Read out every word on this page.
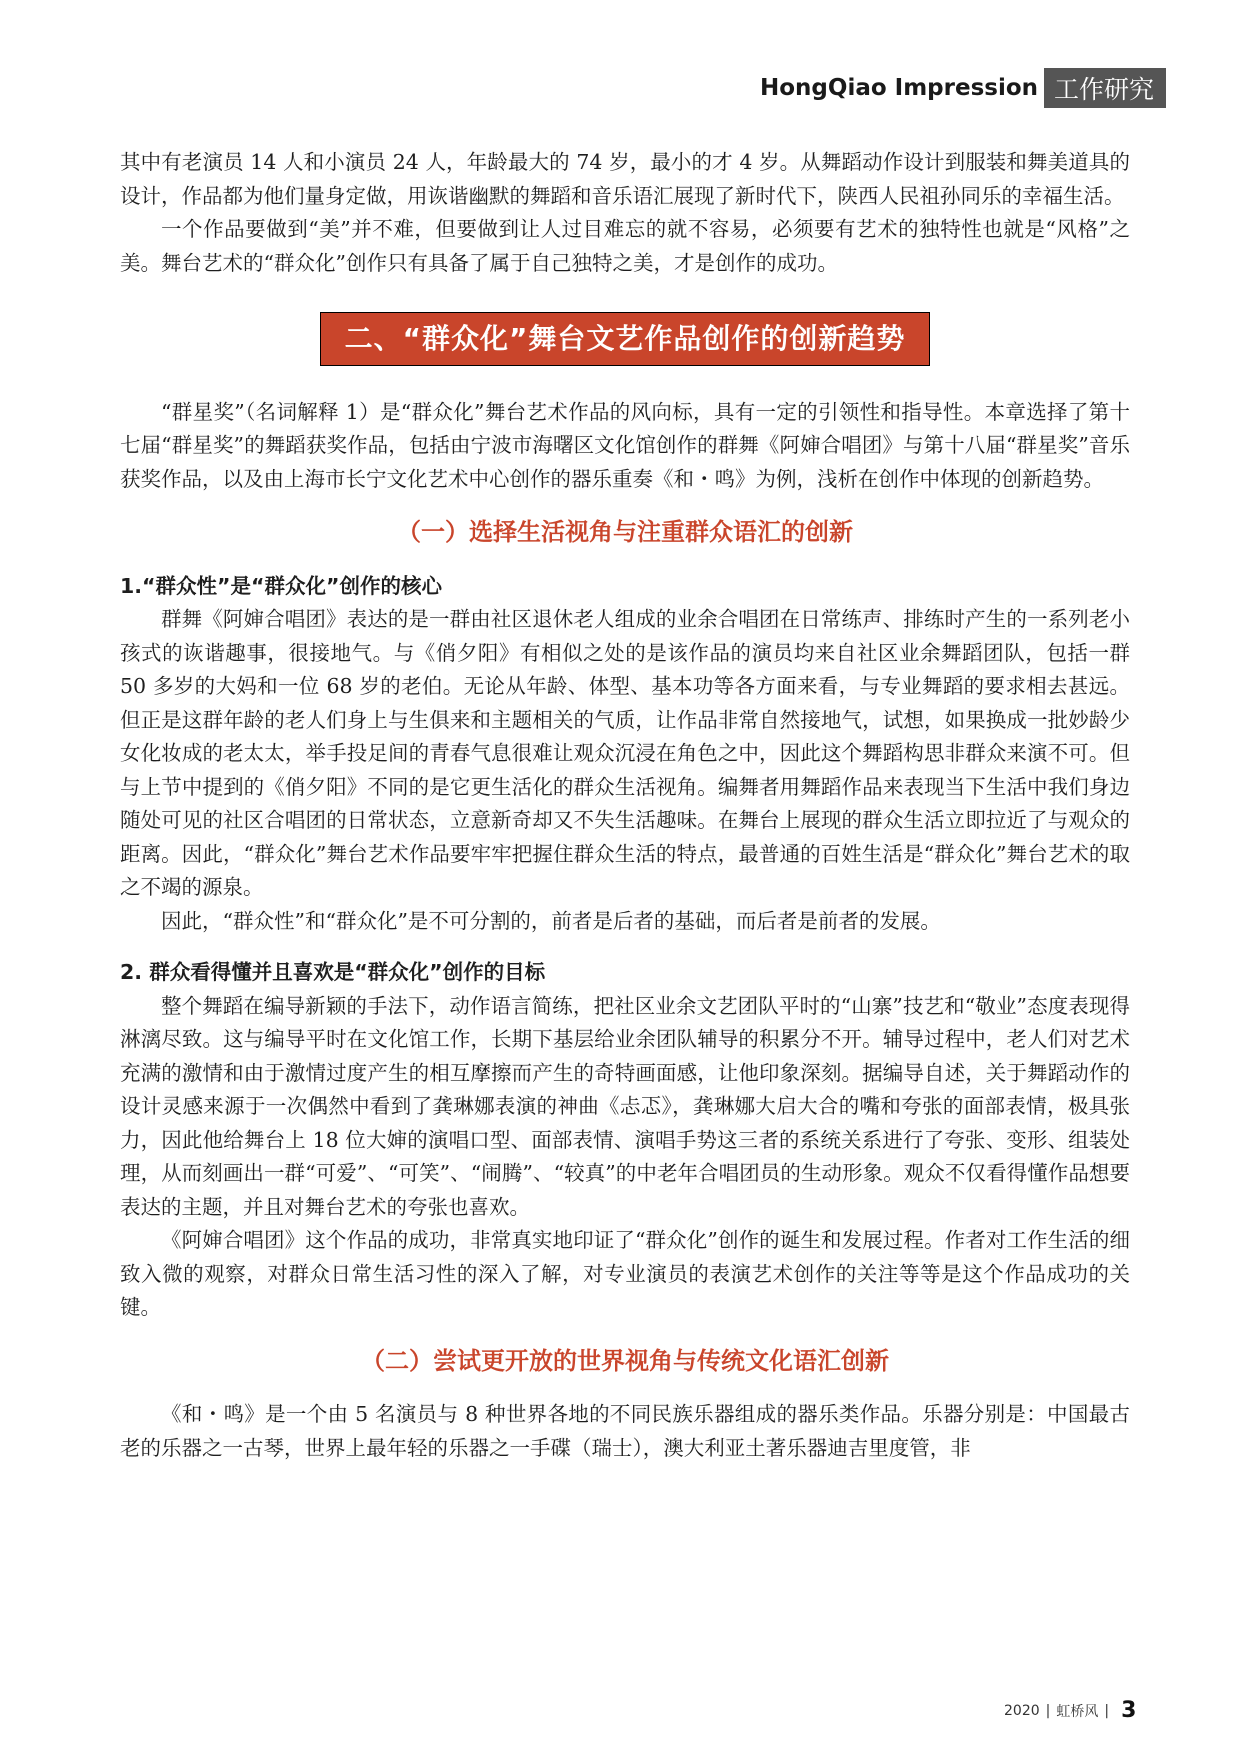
HongQiao Impression 工作研究

其中有老演员 14 人和小演员 24 人，年龄最大的 74 岁，最小的才 4 岁。从舞蹈动作设计到服装和舞美道具的设计，作品都为他们量身定做，用诙谐幽默的舞蹈和音乐语汇展现了新时代下，陕西人民祖孙同乐的幸福生活。

一个作品要做到“美”并不难，但要做到让人过目难忘的就不容易，必须要有艺术的独特性也就是“风格”之美。舞台艺术的“群众化”创作只有具备了属于自己独特之美，才是创作的成功。

二、“群众化”舞台文艺作品创作的创新趋势

“群星奖”（名词解释 1）是“群众化”舞台艺术作品的风向标，具有一定的引领性和指导性。本章选择了第十七届“群星奖”的舞蹈获奖作品，包括由宁波市海曙区文化馆创作的群舞《阿婶合唱团》与第十八届“群星奖”音乐获奖作品，以及由上海市长宁文化艺术中心创作的器乐重奏《和・鸣》为例，浅析在创作中体现的创新趋势。

（一）选择生活视角与注重群众语汇的创新

1.“群众性”是“群众化”创作的核心

群舞《阿婶合唱团》表达的是一群由社区退休老人组成的业余合唱团在日常练声、排练时产生的一系列老小孩式的诙谐趣事，很接地气。与《俏夕阳》有相似之处的是该作品的演员均来自社区业余舞蹈团队，包括一群 50 多岁的大妈和一位 68 岁的老伯。无论从年龄、体型、基本功等各方面来看，与专业舞蹈的要求相去甚远。但正是这群年龄的老人们身上与生俱来和主题相关的气质，让作品非常自然接地气，试想，如果换成一批妙龄少女化妆成的老太太，举手投足间的青春气息很难让观众沉浸在角色之中，因此这个舞蹈构思非群众来演不可。但与上节中提到的《俏夕阳》不同的是它更生活化的群众生活视角。编舞者用舞蹈作品来表现当下生活中我们身边随处可见的社区合唱团的日常状态，立意新奇却又不失生活趣味。在舞台上展现的群众生活立即拉近了与观众的距离。因此，“群众化”舞台艺术作品要牢牢把握住群众生活的特点，最普通的百姓生活是“群众化”舞台艺术的取之不竭的源泉。

因此，“群众性”和“群众化”是不可分割的，前者是后者的基础，而后者是前者的发展。

2. 群众看得懂并且喜欢是“群众化”创作的目标

整个舞蹈在编导新颖的手法下，动作语言简练，把社区业余文艺团队平时的“山寨”技艺和“敬业”态度表现得淋漓尽致。这与编导平时在文化馆工作，长期下基层给业余团队辅导的积累分不开。辅导过程中，老人们对艺术充满的激情和由于激情过度产生的相互摩擦而产生的奇特画面感，让他印象深刻。据编导自述，关于舞蹈动作的设计灵感来源于一次偶然中看到了龚琳娜表演的神曲《忐忑》，龚琳娜大启大合的嘴和夸张的面部表情，极具张力，因此他给舞台上 18 位大婶的演唱口型、面部表情、演唱手势这三者的系统关系进行了夸张、变形、组装处理，从而刻画出一群“可爱”、“可笑”、“闹腾”、“较真”的中老年合唱团员的生动形象。观众不仅看得懂作品想要表达的主题，并且对舞台艺术的夸张也喜欢。

《阿婶合唱团》这个作品的成功，非常真实地印证了“群众化”创作的诞生和发展过程。作者对工作生活的细致入微的观察，对群众日常生活习性的深入了解，对专业演员的表演艺术创作的关注等等是这个作品成功的关键。

（二）尝试更开放的世界视角与传统文化语汇创新

《和・鸣》是一个由 5 名演员与 8 种世界各地的不同民族乐器组成的器乐类作品。乐器分别是：中国最古老的乐器之一古琴，世界上最年轻的乐器之一手碟（瑞士），澳大利亚土著乐器迪吉里度管，非

2020 | 虹桥风 | 3
